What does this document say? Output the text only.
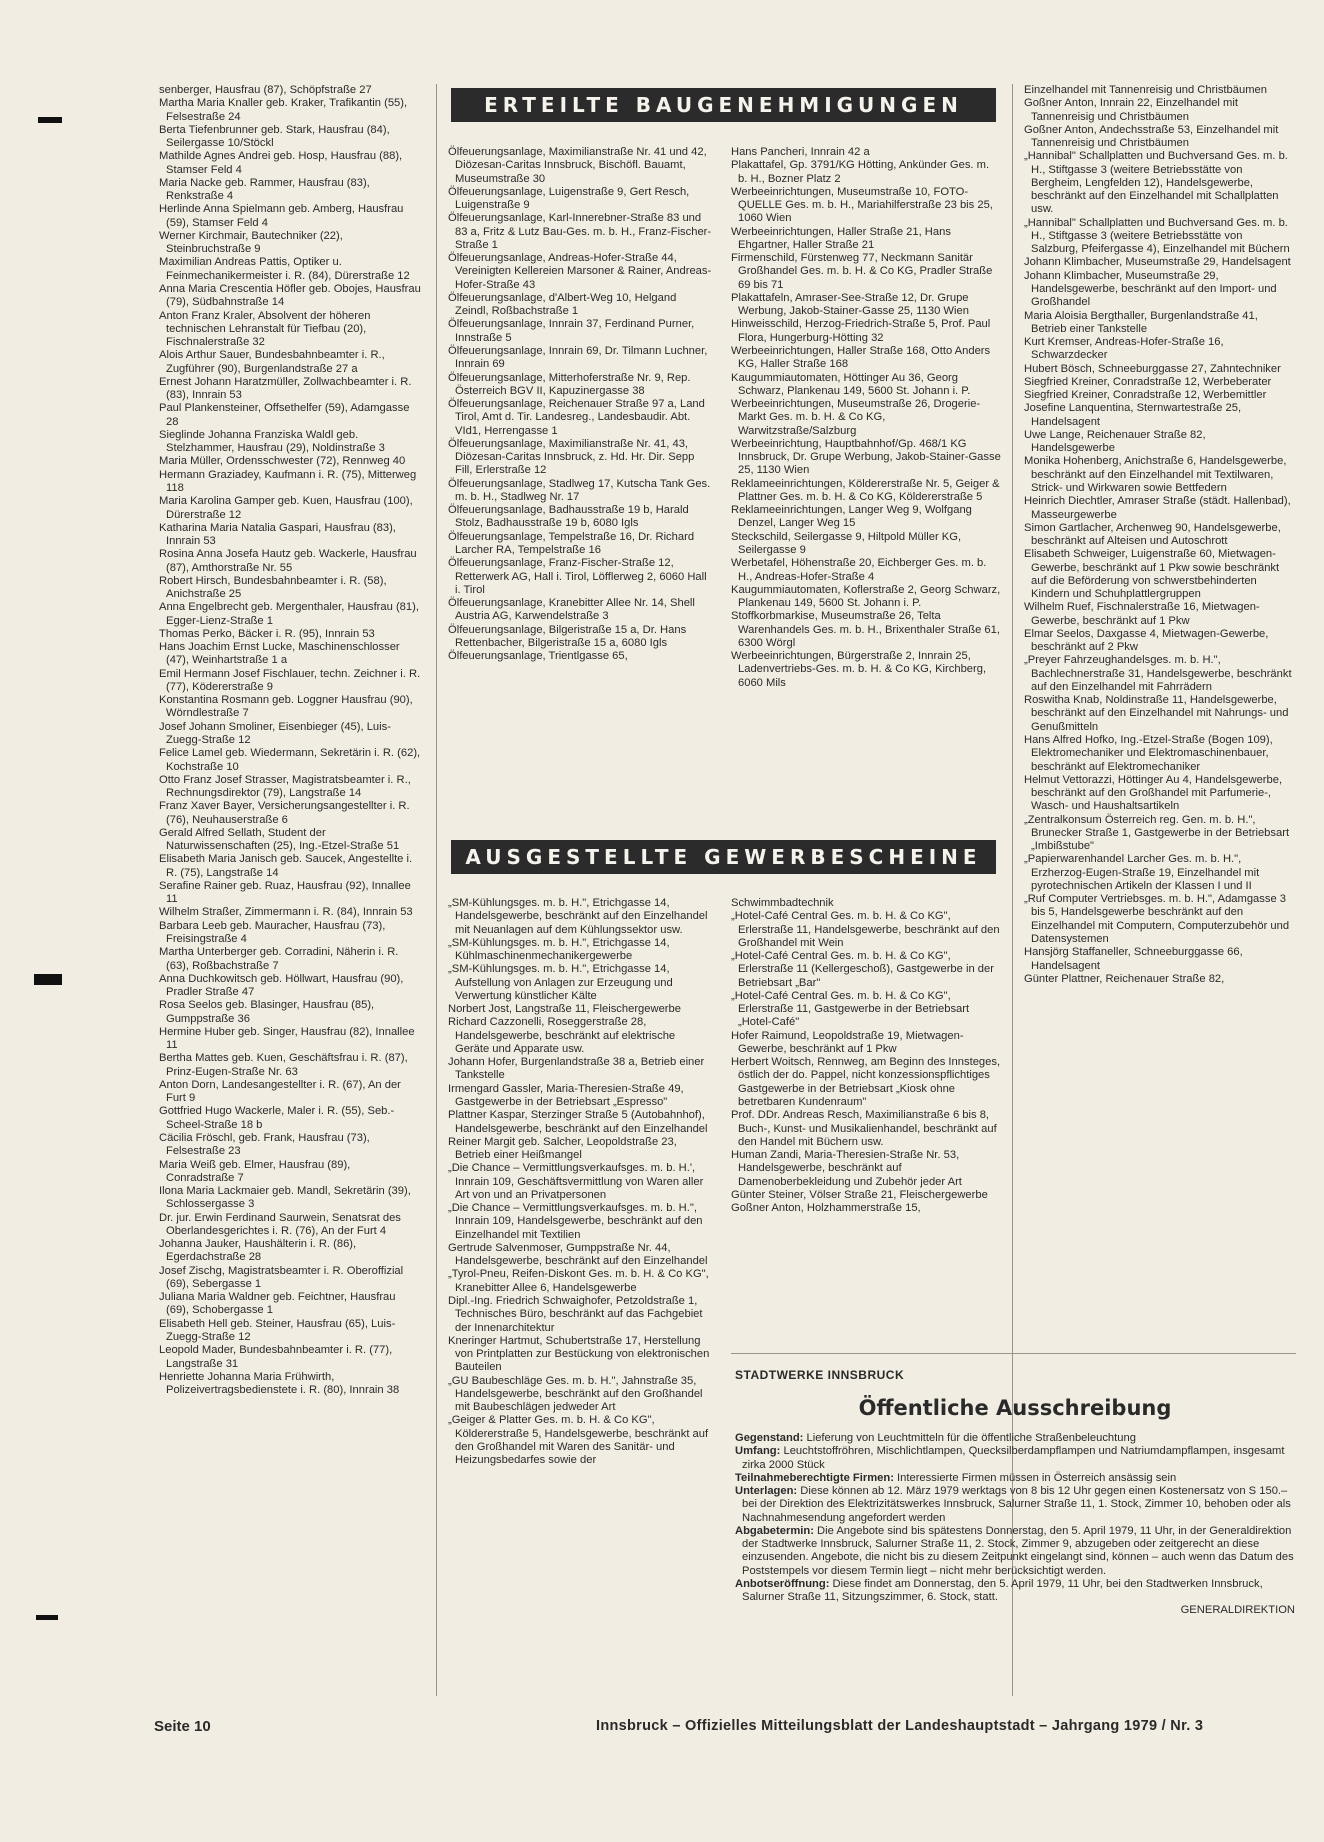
ERTEILTE BAUGENEHMIGUNGEN
AUSGESTELLTE GEWERBESCHEINE

senberger, Hausfrau (87), Schöpfstraße 27

Martha Maria Knaller geb. Kraker, Trafikantin (55), Felsestraße 24

Berta Tiefenbrunner geb. Stark, Hausfrau (84), Seilergasse 10/Stöckl

Mathilde Agnes Andrei geb. Hosp, Hausfrau (88), Stamser Feld 4

Maria Nacke geb. Rammer, Hausfrau (83), Renkstraße 4

Herlinde Anna Spielmann geb. Amberg, Hausfrau (59), Stamser Feld 4

Werner Kirchmair, Bautechniker (22), Steinbruchstraße 9

Maximilian Andreas Pattis, Optiker u. Feinmechanikermeister i. R. (84), Dürerstraße 12

Anna Maria Crescentia Höfler geb. Obojes, Hausfrau (79), Südbahnstraße 14

Anton Franz Kraler, Absolvent der höheren technischen Lehranstalt für Tiefbau (20), Fischnalerstraße 32

Alois Arthur Sauer, Bundesbahnbeamter i. R., Zugführer (90), Burgenlandstraße 27 a

Ernest Johann Haratzmüller, Zollwachbeamter i. R. (83), Innrain 53

Paul Plankensteiner, Offsethelfer (59), Adamgasse 28

Sieglinde Johanna Franziska Waldl geb. Stelzhammer, Hausfrau (29), Noldinstraße 3

Maria Müller, Ordensschwester (72), Rennweg 40

Hermann Graziadey, Kaufmann i. R. (75), Mitterweg 118

Maria Karolina Gamper geb. Kuen, Hausfrau (100), Dürerstraße 12

Katharina Maria Natalia Gaspari, Hausfrau (83), Innrain 53

Rosina Anna Josefa Hautz geb. Wackerle, Hausfrau (87), Amthorstraße Nr. 55

Robert Hirsch, Bundesbahnbeamter i. R. (58), Anichstraße 25

Anna Engelbrecht geb. Mergenthaler, Hausfrau (81), Egger-Lienz-Straße 1

Thomas Perko, Bäcker i. R. (95), Innrain 53

Hans Joachim Ernst Lucke, Maschinenschlosser (47), Weinhartstraße 1 a

Emil Hermann Josef Fischlauer, techn. Zeichner i. R. (77), Ködererstraße 9

Konstantina Rosmann geb. Loggner Hausfrau (90), Wörndlestraße 7

Josef Johann Smoliner, Eisenbieger (45), Luis-Zuegg-Straße 12

Felice Lamel geb. Wiedermann, Sekretärin i. R. (62), Kochstraße 10

Otto Franz Josef Strasser, Magistratsbeamter i. R., Rechnungsdirektor (79), Langstraße 14

Franz Xaver Bayer, Versicherungsangestellter i. R. (76), Neuhauserstraße 6

Gerald Alfred Sellath, Student der Naturwissenschaften (25), Ing.-Etzel-Straße 51

Elisabeth Maria Janisch geb. Saucek, Angestellte i. R. (75), Langstraße 14

Serafine Rainer geb. Ruaz, Hausfrau (92), Innallee 11

Wilhelm Straßer, Zimmermann i. R. (84), Innrain 53

Barbara Leeb geb. Mauracher, Hausfrau (73), Freisingstraße 4

Martha Unterberger geb. Corradini, Näherin i. R. (63), Roßbachstraße 7

Anna Duchkowitsch geb. Höllwart, Hausfrau (90), Pradler Straße 47

Rosa Seelos geb. Blasinger, Hausfrau (85), Gumppstraße 36

Hermine Huber geb. Singer, Hausfrau (82), Innallee 11

Bertha Mattes geb. Kuen, Geschäftsfrau i. R. (87), Prinz-Eugen-Straße Nr. 63

Anton Dorn, Landesangestellter i. R. (67), An der Furt 9

Gottfried Hugo Wackerle, Maler i. R. (55), Seb.-Scheel-Straße 18 b

Cäcilia Fröschl, geb. Frank, Hausfrau (73), Felsestraße 23

Maria Weiß geb. Elmer, Hausfrau (89), Conradstraße 7

Ilona Maria Lackmaier geb. Mandl, Sekretärin (39), Schlossergasse 3

Dr. jur. Erwin Ferdinand Saurwein, Senatsrat des Oberlandesgerichtes i. R. (76), An der Furt 4

Johanna Jauker, Haushälterin i. R. (86), Egerdachstraße 28

Josef Zischg, Magistratsbeamter i. R. Oberoffizial (69), Sebergasse 1

Juliana Maria Waldner geb. Feichtner, Hausfrau (69), Schobergasse 1

Elisabeth Hell geb. Steiner, Hausfrau (65), Luis-Zuegg-Straße 12

Leopold Mader, Bundesbahnbeamter i. R. (77), Langstraße 31

Henriette Johanna Maria Frühwirth, Polizeivertragsbedienstete i. R. (80), Innrain 38

Ölfeuerungsanlage, Maximilianstraße Nr. 41 und 42, Diözesan-Caritas Innsbruck, Bischöfl. Bauamt, Museumstraße 30

Ölfeuerungsanlage, Luigenstraße 9, Gert Resch, Luigenstraße 9

Ölfeuerungsanlage, Karl-Innerebner-Straße 83 und 83 a, Fritz & Lutz Bau-Ges. m. b. H., Franz-Fischer-Straße 1

Ölfeuerungsanlage, Andreas-Hofer-Straße 44, Vereinigten Kellereien Marsoner & Rainer, Andreas-Hofer-Straße 43

Ölfeuerungsanlage, d'Albert-Weg 10, Helgand Zeindl, Roßbachstraße 1

Ölfeuerungsanlage, Innrain 37, Ferdinand Purner, Innstraße 5

Ölfeuerungsanlage, Innrain 69, Dr. Tilmann Luchner, Innrain 69

Ölfeuerungsanlage, Mitterhoferstraße Nr. 9, Rep. Österreich BGV II, Kapuzinergasse 38

Ölfeuerungsanlage, Reichenauer Straße 97 a, Land Tirol, Amt d. Tir. Landesreg., Landesbaudir. Abt. VId1, Herrengasse 1

Ölfeuerungsanlage, Maximilianstraße Nr. 41, 43, Diözesan-Caritas Innsbruck, z. Hd. Hr. Dir. Sepp Fill, Erlerstraße 12

Ölfeuerungsanlage, Stadlweg 17, Kutscha Tank Ges. m. b. H., Stadlweg Nr. 17

Ölfeuerungsanlage, Badhausstraße 19 b, Harald Stolz, Badhausstraße 19 b, 6080 Igls

Ölfeuerungsanlage, Tempelstraße 16, Dr. Richard Larcher RA, Tempelstraße 16

Ölfeuerungsanlage, Franz-Fischer-Straße 12, Retterwerk AG, Hall i. Tirol, Löfflerweg 2, 6060 Hall i. Tirol

Ölfeuerungsanlage, Kranebitter Allee Nr. 14, Shell Austria AG, Karwendelstraße 3

Ölfeuerungsanlage, Bilgeristraße 15 a, Dr. Hans Rettenbacher, Bilgeristraße 15 a, 6080 Igls

Ölfeuerungsanlage, Trientlgasse 65,

Hans Pancheri, Innrain 42 a

Plakattafel, Gp. 3791/KG Hötting, Ankünder Ges. m. b. H., Bozner Platz 2

Werbeeinrichtungen, Museumstraße 10, FOTO-QUELLE Ges. m. b. H., Mariahilferstraße 23 bis 25, 1060 Wien

Werbeeinrichtungen, Haller Straße 21, Hans Ehgartner, Haller Straße 21

Firmenschild, Fürstenweg 77, Neckmann Sanitär Großhandel Ges. m. b. H. & Co KG, Pradler Straße 69 bis 71

Plakattafeln, Amraser-See-Straße 12, Dr. Grupe Werbung, Jakob-Stainer-Gasse 25, 1130 Wien

Hinweisschild, Herzog-Friedrich-Straße 5, Prof. Paul Flora, Hungerburg-Hötting 32

Werbeeinrichtungen, Haller Straße 168, Otto Anders KG, Haller Straße 168

Kaugummiautomaten, Höttinger Au 36, Georg Schwarz, Plankenau 149, 5600 St. Johann i. P.

Werbeeinrichtungen, Museumstraße 26, Drogerie-Markt Ges. m. b. H. & Co KG, Warwitzstraße/Salzburg

Werbeeinrichtung, Hauptbahnhof/Gp. 468/1 KG Innsbruck, Dr. Grupe Werbung, Jakob-Stainer-Gasse 25, 1130 Wien

Reklameeinrichtungen, Köldererstraße Nr. 5, Geiger & Plattner Ges. m. b. H. & Co KG, Köldererstraße 5

Reklameeinrichtungen, Langer Weg 9, Wolfgang Denzel, Langer Weg 15

Steckschild, Seilergasse 9, Hiltpold Müller KG, Seilergasse 9

Werbetafel, Höhenstraße 20, Eichberger Ges. m. b. H., Andreas-Hofer-Straße 4

Kaugummiautomaten, Koflerstraße 2, Georg Schwarz, Plankenau 149, 5600 St. Johann i. P.

Stoffkorbmarkise, Museumstraße 26, Telta Warenhandels Ges. m. b. H., Brixenthaler Straße 61, 6300 Wörgl

Werbeeinrichtungen, Bürgerstraße 2, Innrain 25, Ladenvertriebs-Ges. m. b. H. & Co KG, Kirchberg, 6060 Mils

„SM-Kühlungsges. m. b. H.", Etrichgasse 14, Handelsgewerbe, beschränkt auf den Einzelhandel mit Neuanlagen auf dem Kühlungssektor usw.

„SM-Kühlungsges. m. b. H.", Etrichgasse 14, Kühlmaschinenmechanikergewerbe

„SM-Kühlungsges. m. b. H.", Etrichgasse 14, Aufstellung von Anlagen zur Erzeugung und Verwertung künstlicher Kälte

Norbert Jost, Langstraße 11, Fleischergewerbe

Richard Cazzonelli, Roseggerstraße 28, Handelsgewerbe, beschränkt auf elektrische Geräte und Apparate usw.

Johann Hofer, Burgenlandstraße 38 a, Betrieb einer Tankstelle

Irmengard Gassler, Maria-Theresien-Straße 49, Gastgewerbe in der Betriebsart „Espresso"

Plattner Kaspar, Sterzinger Straße 5 (Autobahnhof), Handelsgewerbe, beschränkt auf den Einzelhandel

Reiner Margit geb. Salcher, Leopoldstraße 23, Betrieb einer Heißmangel

„Die Chance – Vermittlungsverkaufsges. m. b. H.', Innrain 109, Geschäftsvermittlung von Waren aller Art von und an Privatpersonen

„Die Chance – Vermittlungsverkaufsges. m. b. H.", Innrain 109, Handelsgewerbe, beschränkt auf den Einzelhandel mit Textilien

Gertrude Salvenmoser, Gumppstraße Nr. 44, Handelsgewerbe, beschränkt auf den Einzelhandel

„Tyrol-Pneu, Reifen-Diskont Ges. m. b. H. & Co KG", Kranebitter Allee 6, Handelsgewerbe

Dipl.-Ing. Friedrich Schwaighofer, Petzoldstraße 1, Technisches Büro, beschränkt auf das Fachgebiet der Innenarchitektur

Kneringer Hartmut, Schubertstraße 17, Herstellung von Printplatten zur Bestückung von elektronischen Bauteilen

„GU Baubeschläge Ges. m. b. H.", Jahnstraße 35, Handelsgewerbe, beschränkt auf den Großhandel mit Baubeschlägen jedweder Art

„Geiger & Platter Ges. m. b. H. & Co KG", Köldererstraße 5, Handelsgewerbe, beschränkt auf den Großhandel mit Waren des Sanitär- und Heizungsbedarfes sowie der

Schwimmbadtechnik

„Hotel-Café Central Ges. m. b. H. & Co KG", Erlerstraße 11, Handelsgewerbe, beschränkt auf den Großhandel mit Wein

„Hotel-Café Central Ges. m. b. H. & Co KG", Erlerstraße 11 (Kellergeschoß), Gastgewerbe in der Betriebsart „Bar"

„Hotel-Café Central Ges. m. b. H. & Co KG", Erlerstraße 11, Gastgewerbe in der Betriebsart „Hotel-Café"

Hofer Raimund, Leopoldstraße 19, Mietwagen-Gewerbe, beschränkt auf 1 Pkw

Herbert Woitsch, Rennweg, am Beginn des Innsteges, östlich der do. Pappel, nicht konzessionspflichtiges Gastgewerbe in der Betriebsart „Kiosk ohne betretbaren Kundenraum"

Prof. DDr. Andreas Resch, Maximilianstraße 6 bis 8, Buch-, Kunst- und Musikalienhandel, beschränkt auf den Handel mit Büchern usw.

Human Zandi, Maria-Theresien-Straße Nr. 53, Handelsgewerbe, beschränkt auf Damenoberbekleidung und Zubehör jeder Art

Günter Steiner, Völser Straße 21, Fleischergewerbe

Goßner Anton, Holzhammerstraße 15,

Einzelhandel mit Tannenreisig und Christbäumen

Goßner Anton, Innrain 22, Einzelhandel mit Tannenreisig und Christbäumen

Goßner Anton, Andechsstraße 53, Einzelhandel mit Tannenreisig und Christbäumen

„Hannibal" Schallplatten und Buchversand Ges. m. b. H., Stiftgasse 3 (weitere Betriebsstätte von Bergheim, Lengfelden 12), Handelsgewerbe, beschränkt auf den Einzelhandel mit Schallplatten usw.

„Hannibal" Schallplatten und Buchversand Ges. m. b. H., Stiftgasse 3 (weitere Betriebsstätte von Salzburg, Pfeifergasse 4), Einzelhandel mit Büchern

Johann Klimbacher, Museumstraße 29, Handelsagent

Johann Klimbacher, Museumstraße 29, Handelsgewerbe, beschränkt auf den Import- und Großhandel

Maria Aloisia Bergthaller, Burgenlandstraße 41, Betrieb einer Tankstelle

Kurt Kremser, Andreas-Hofer-Straße 16, Schwarzdecker

Hubert Bösch, Schneeburggasse 27, Zahntechniker

Siegfried Kreiner, Conradstraße 12, Werbeberater

Siegfried Kreiner, Conradstraße 12, Werbemittler

Josefine Lanquentina, Sternwartestraße 25, Handelsagent

Uwe Lange, Reichenauer Straße 82, Handelsgewerbe

Monika Hohenberg, Anichstraße 6, Handelsgewerbe, beschränkt auf den Einzelhandel mit Textilwaren, Strick- und Wirkwaren sowie Bettfedern

Heinrich Diechtler, Amraser Straße (städt. Hallenbad), Masseurgewerbe

Simon Gartlacher, Archenweg 90, Handelsgewerbe, beschränkt auf Alteisen und Autoschrott

Elisabeth Schweiger, Luigenstraße 60, Mietwagen-Gewerbe, beschränkt auf 1 Pkw sowie beschränkt auf die Beförderung von schwerstbehinderten Kindern und Schuhplattlergruppen

Wilhelm Ruef, Fischnalerstraße 16, Mietwagen-Gewerbe, beschränkt auf 1 Pkw

Elmar Seelos, Daxgasse 4, Mietwagen-Gewerbe, beschränkt auf 2 Pkw

„Preyer Fahrzeughandelsges. m. b. H.", Bachlechnerstraße 31, Handelsgewerbe, beschränkt auf den Einzelhandel mit Fahrrädern

Roswitha Knab, Noldinstraße 11, Handelsgewerbe, beschränkt auf den Einzelhandel mit Nahrungs- und Genußmitteln

Hans Alfred Hofko, Ing.-Etzel-Straße (Bogen 109), Elektromechaniker und Elektromaschinenbauer, beschränkt auf Elektromechaniker

Helmut Vettorazzi, Höttinger Au 4, Handelsgewerbe, beschränkt auf den Großhandel mit Parfumerie-, Wasch- und Haushaltsartikeln

„Zentralkonsum Österreich reg. Gen. m. b. H.", Brunecker Straße 1, Gastgewerbe in der Betriebsart „Imbißstube"

„Papierwarenhandel Larcher Ges. m. b. H.", Erzherzog-Eugen-Straße 19, Einzelhandel mit pyrotechnischen Artikeln der Klassen I und II

„Ruf Computer Vertriebsges. m. b. H.", Adamgasse 3 bis 5, Handelsgewerbe beschränkt auf den Einzelhandel mit Computern, Computerzubehör und Datensystemen

Hansjörg Staffaneller, Schneeburggasse 66, Handelsagent

Günter Plattner, Reichenauer Straße 82,

STADTWERKE INNSBRUCK
Öffentliche Ausschreibung

Gegenstand: Lieferung von Leuchtmitteln für die öffentliche Straßenbeleuchtung

Umfang: Leuchtstoffröhren, Mischlichtlampen, Quecksilberdampflampen und Natriumdampflampen, insgesamt zirka 2000 Stück

Teilnahmeberechtigte Firmen: Interessierte Firmen müssen in Österreich ansässig sein

Unterlagen: Diese können ab 12. März 1979 werktags von 8 bis 12 Uhr gegen einen Kostenersatz von S 150.– bei der Direktion des Elektrizitätswerkes Innsbruck, Salurner Straße 11, 1. Stock, Zimmer 10, behoben oder als Nachnahmesendung angefordert werden

Abgabetermin: Die Angebote sind bis spätestens Donnerstag, den 5. April 1979, 11 Uhr, in der Generaldirektion der Stadtwerke Innsbruck, Salurner Straße 11, 2. Stock, Zimmer 9, abzugeben oder zeitgerecht an diese einzusenden. Angebote, die nicht bis zu diesem Zeitpunkt eingelangt sind, können – auch wenn das Datum des Poststempels vor diesem Termin liegt – nicht mehr berücksichtigt werden.

Anbotseröffnung: Diese findet am Donnerstag, den 5. April 1979, 11 Uhr, bei den Stadtwerken Innsbruck, Salurner Straße 11, Sitzungszimmer, 6. Stock, statt.

GENERALDIREKTION
Seite 10	Innsbruck – Offizielles Mitteilungsblatt der Landeshauptstadt – Jahrgang 1979 / Nr. 3
